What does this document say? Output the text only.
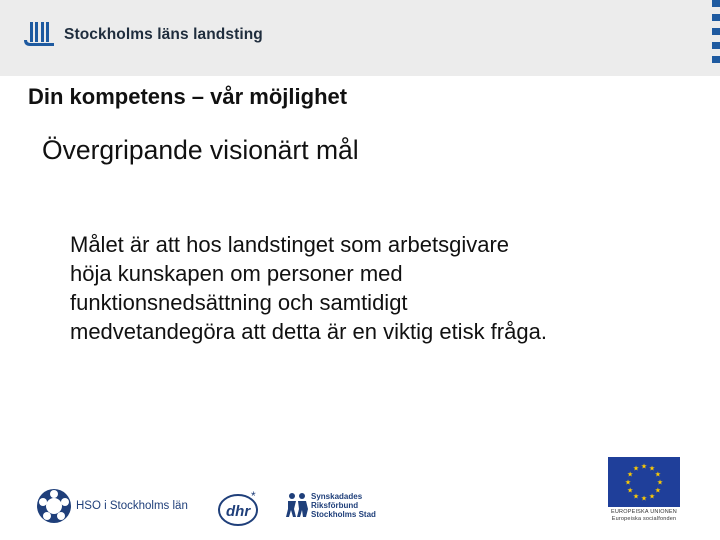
Stockholms läns landsting
Din kompetens – vår möjlighet
Övergripande visionärt mål
Målet är att hos landstinget som arbetsgivare
höja kunskapen om personer med
funktionsnedsättning och samtidigt
medvetandegöra att detta är en viktig etisk fråga.
HSO i Stockholms län	dhr
*	Synskadades
Riksförbund
Stockholms Stad
★ ★
★
★
★
★
★
★
★
★
★
★
EUROPEISKA UNIONEN
Europeiska socialfonden
